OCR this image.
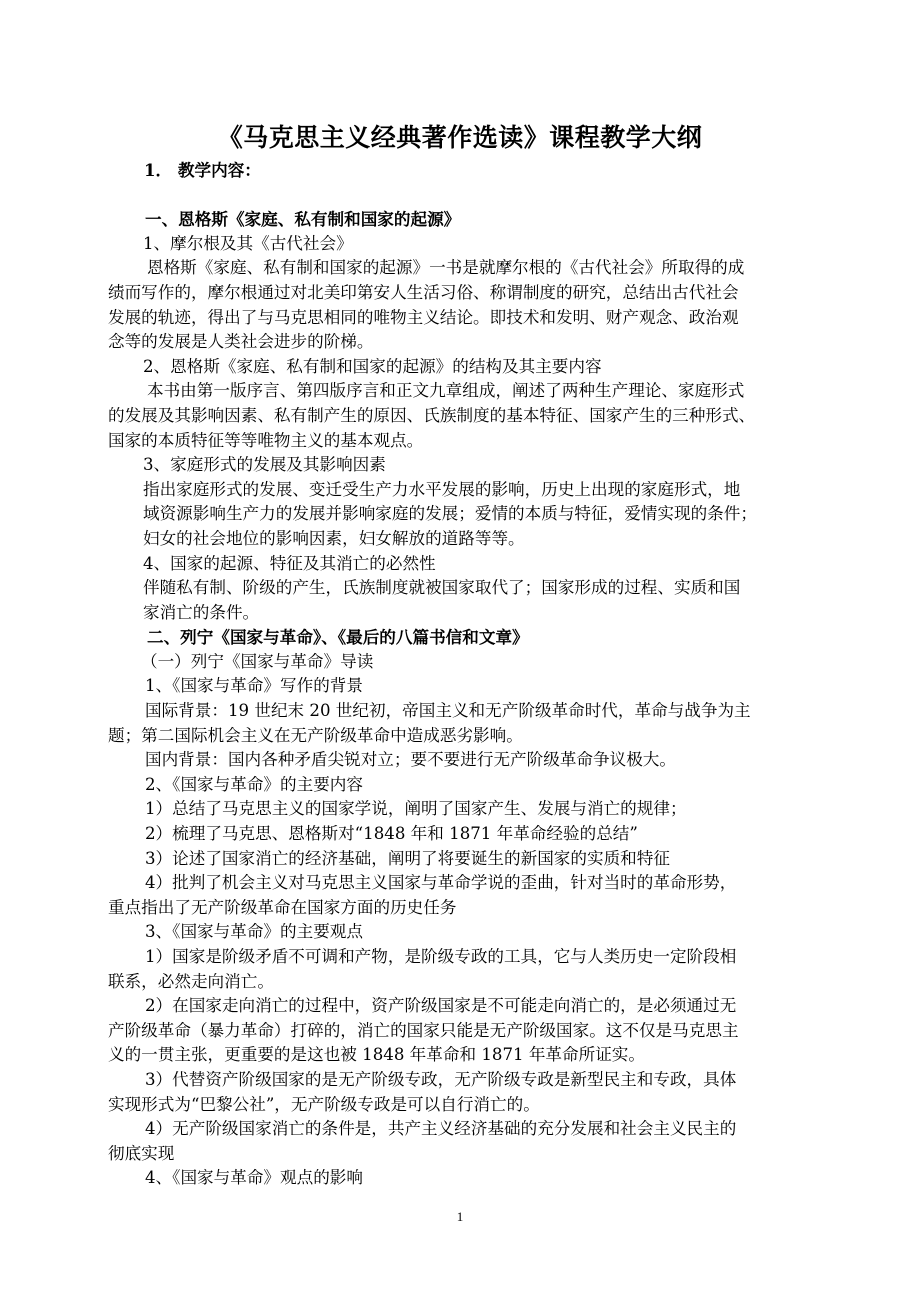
《马克思主义经典著作选读》课程教学大纲
1． 教学内容：
一、恩格斯《家庭、私有制和国家的起源》
1、摩尔根及其《古代社会》
恩格斯《家庭、私有制和国家的起源》一书是就摩尔根的《古代社会》所取得的成
绩而写作的，摩尔根通过对北美印第安人生活习俗、称谓制度的研究，总结出古代社会
发展的轨迹，得出了与马克思相同的唯物主义结论。即技术和发明、财产观念、政治观
念等的发展是人类社会进步的阶梯。
2、恩格斯《家庭、私有制和国家的起源》的结构及其主要内容
本书由第一版序言、第四版序言和正文九章组成，阐述了两种生产理论、家庭形式
的发展及其影响因素、私有制产生的原因、氏族制度的基本特征、国家产生的三种形式、
国家的本质特征等等唯物主义的基本观点。
3、家庭形式的发展及其影响因素
指出家庭形式的发展、变迁受生产力水平发展的影响，历史上出现的家庭形式，地
域资源影响生产力的发展并影响家庭的发展；爱情的本质与特征，爱情实现的条件；
妇女的社会地位的影响因素，妇女解放的道路等等。
4、国家的起源、特征及其消亡的必然性
伴随私有制、阶级的产生，氏族制度就被国家取代了；国家形成的过程、实质和国
家消亡的条件。
二、列宁《国家与革命》、《最后的八篇书信和文章》
（一）列宁《国家与革命》导读
1、《国家与革命》写作的背景
国际背景：19 世纪末 20 世纪初，帝国主义和无产阶级革命时代，革命与战争为主
题；第二国际机会主义在无产阶级革命中造成恶劣影响。
国内背景：国内各种矛盾尖锐对立；要不要进行无产阶级革命争议极大。
2、《国家与革命》的主要内容
1）总结了马克思主义的国家学说，阐明了国家产生、发展与消亡的规律；
2）梳理了马克思、恩格斯对“1848 年和 1871 年革命经验的总结”
3）论述了国家消亡的经济基础，阐明了将要诞生的新国家的实质和特征
4）批判了机会主义对马克思主义国家与革命学说的歪曲，针对当时的革命形势，
重点指出了无产阶级革命在国家方面的历史任务
3、《国家与革命》的主要观点
1）国家是阶级矛盾不可调和产物，是阶级专政的工具，它与人类历史一定阶段相
联系，必然走向消亡。
2）在国家走向消亡的过程中，资产阶级国家是不可能走向消亡的，是必须通过无
产阶级革命（暴力革命）打碎的，消亡的国家只能是无产阶级国家。这不仅是马克思主
义的一贯主张，更重要的是这也被 1848 年革命和 1871 年革命所证实。
3）代替资产阶级国家的是无产阶级专政，无产阶级专政是新型民主和专政，具体
实现形式为“巴黎公社”，无产阶级专政是可以自行消亡的。
4）无产阶级国家消亡的条件是，共产主义经济基础的充分发展和社会主义民主的
彻底实现
4、《国家与革命》观点的影响
1
